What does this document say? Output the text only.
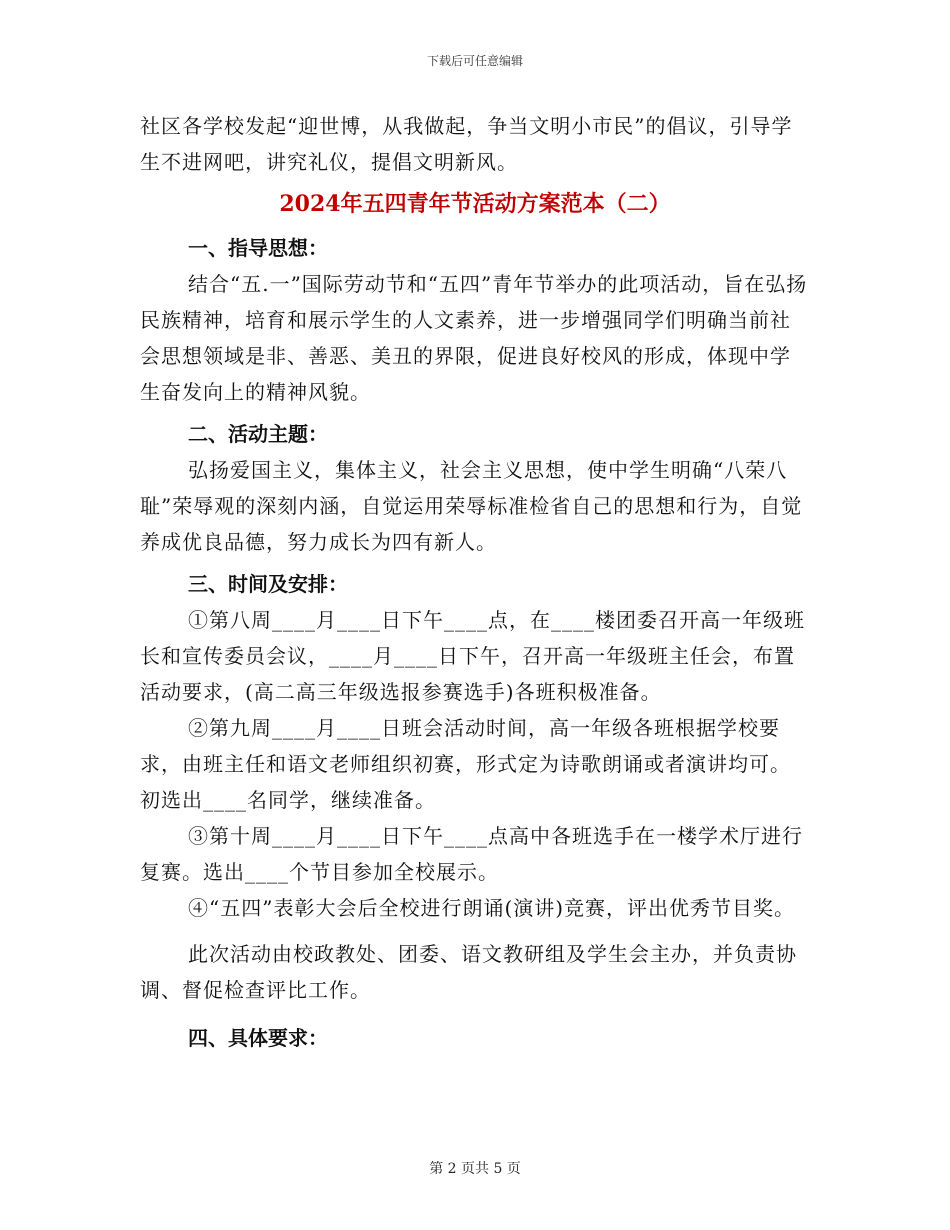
下载后可任意编辑

社区各学校发起“迎世博，从我做起，争当文明小市民”的倡议，引导学生不进网吧，讲究礼仪，提倡文明新风。

2024年五四青年节活动方案范本（二）

一、指导思想：

结合“五.一”国际劳动节和“五四”青年节举办的此项活动，旨在弘扬民族精神，培育和展示学生的人文素养，进一步增强同学们明确当前社会思想领域是非、善恶、美丑的界限，促进良好校风的形成，体现中学生奋发向上的精神风貌。

二、活动主题：

弘扬爱国主义，集体主义，社会主义思想，使中学生明确“八荣八耻”荣辱观的深刻内涵，自觉运用荣辱标准检省自己的思想和行为，自觉养成优良品德，努力成长为四有新人。

三、时间及安排：

①第八周____月____日下午____点，在____楼团委召开高一年级班长和宣传委员会议，____月____日下午，召开高一年级班主任会，布置活动要求，(高二高三年级选报参赛选手)各班积极准备。

②第九周____月____日班会活动时间，高一年级各班根据学校要求，由班主任和语文老师组织初赛，形式定为诗歌朗诵或者演讲均可。初选出____名同学，继续准备。

③第十周____月____日下午____点高中各班选手在一楼学术厅进行复赛。选出____个节目参加全校展示。

④“五四”表彰大会后全校进行朗诵(演讲)竞赛，评出优秀节目奖。

此次活动由校政教处、团委、语文教研组及学生会主办，并负责协调、督促检查评比工作。

四、具体要求：

第 2 页共 5 页
